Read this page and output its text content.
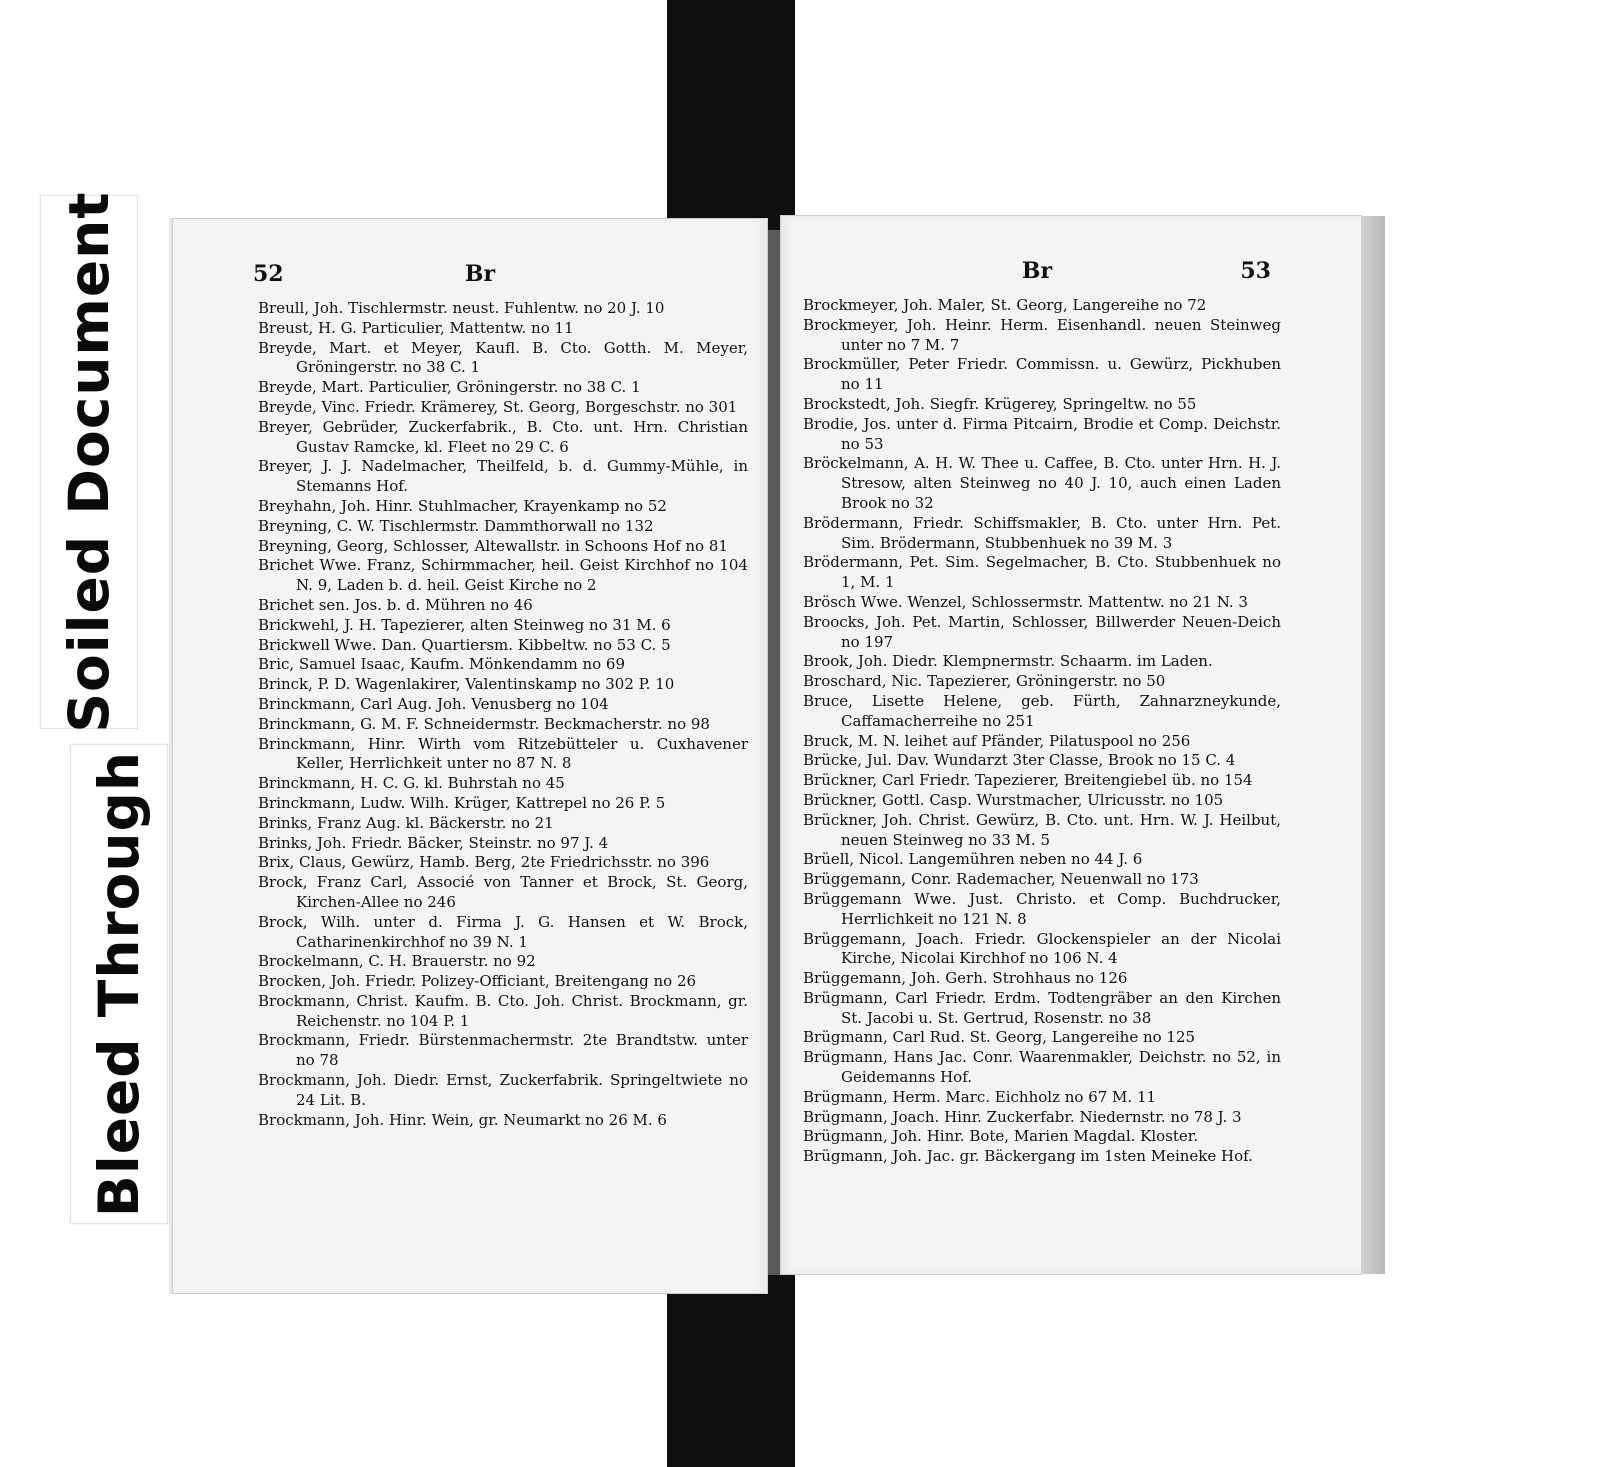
Soiled Document
Bleed Through
Br
52
Breull, Joh. Tischlermstr. neust. Fuhlentw. no 20 J. 10
Breust, H. G. Particulier, Mattentw. no 11
Breyde, Mart. et Meyer, Kaufl. B. Cto. Gotth. M. Meyer, Gröningerstr. no 38 C. 1
Breyde, Mart. Particulier, Gröningerstr. no 38 C. 1
Breyde, Vinc. Friedr. Krämerey, St. Georg, Borgeschstr. no 301
Breyer, Gebrüder, Zuckerfabrik., B. Cto. unt. Hrn. Christian Gustav Ramcke, kl. Fleet no 29 C. 6
Breyer, J. J. Nadelmacher, Theilfeld, b. d. Gummy-Mühle, in Stemanns Hof.
Breyhahn, Joh. Hinr. Stuhlmacher, Krayenkamp no 52
Breyning, C. W. Tischlermstr. Dammthorwall no 132
Breyning, Georg, Schlosser, Altewallstr. in Schoons Hof no 81
Brichet Wwe. Franz, Schirmmacher, heil. Geist Kirchhof no 104 N. 9, Laden b. d. heil. Geist Kirche no 2
Brichet sen. Jos. b. d. Mühren no 46
Brickwehl, J. H. Tapezierer, alten Steinweg no 31 M. 6
Brickwell Wwe. Dan. Quartiersm. Kibbeltw. no 53 C. 5
Bric, Samuel Isaac, Kaufm. Mönkendamm no 69
Brinck, P. D. Wagenlakirer, Valentinskamp no 302 P. 10
Brinckmann, Carl Aug. Joh. Venusberg no 104
Brinckmann, G. M. F. Schneidermstr. Beckmacherstr. no 98
Brinckmann, Hinr. Wirth vom Ritzebütteler u. Cuxhavener Keller, Herrlichkeit unter no 87 N. 8
Brinckmann, H. C. G. kl. Buhrstah no 45
Brinckmann, Ludw. Wilh. Krüger, Kattrepel no 26 P. 5
Brinks, Franz Aug. kl. Bäckerstr. no 21
Brinks, Joh. Friedr. Bäcker, Steinstr. no 97 J. 4
Brix, Claus, Gewürz, Hamb. Berg, 2te Friedrichsstr. no 396
Brock, Franz Carl, Associé von Tanner et Brock, St. Georg, Kirchen-Allee no 246
Brock, Wilh. unter d. Firma J. G. Hansen et W. Brock, Catharinenkirchhof no 39 N. 1
Brockelmann, C. H. Brauerstr. no 92
Brocken, Joh. Friedr. Polizey-Officiant, Breitengang no 26
Brockmann, Christ. Kaufm. B. Cto. Joh. Christ. Brockmann, gr. Reichenstr. no 104 P. 1
Brockmann, Friedr. Bürstenmachermstr. 2te Brandtstw. unter no 78
Brockmann, Joh. Diedr. Ernst, Zuckerfabrik. Springeltwiete no 24 Lit. B.
Brockmann, Joh. Hinr. Wein, gr. Neumarkt no 26 M. 6
Br	53
Brockmeyer, Joh. Maler, St. Georg, Langereihe no 72
Brockmeyer, Joh. Heinr. Herm. Eisenhandl. neuen Steinweg unter no 7 M. 7
Brockmüller, Peter Friedr. Commissn. u. Gewürz, Pickhuben no 11
Brockstedt, Joh. Siegfr. Krügerey, Springeltw. no 55
Brodie, Jos. unter d. Firma Pitcairn, Brodie et Comp. Deichstr. no 53
Bröckelmann, A. H. W. Thee u. Caffee, B. Cto. unter Hrn. H. J. Stresow, alten Steinweg no 40 J. 10, auch einen Laden Brook no 32
Brödermann, Friedr. Schiffsmakler, B. Cto. unter Hrn. Pet. Sim. Brödermann, Stubbenhuek no 39 M. 3
Brödermann, Pet. Sim. Segelmacher, B. Cto. Stubbenhuek no 1, M. 1
Brösch Wwe. Wenzel, Schlossermstr. Mattentw. no 21 N. 3
Broocks, Joh. Pet. Martin, Schlosser, Billwerder Neuen-Deich no 197
Brook, Joh. Diedr. Klempnermstr. Schaarm. im Laden.
Broschard, Nic. Tapezierer, Gröningerstr. no 50
Bruce, Lisette Helene, geb. Fürth, Zahnarzneykunde, Caffamacherreihe no 251
Bruck, M. N. leihet auf Pfänder, Pilatuspool no 256
Brücke, Jul. Dav. Wundarzt 3ter Classe, Brook no 15 C. 4
Brückner, Carl Friedr. Tapezierer, Breitengiebel üb. no 154
Brückner, Gottl. Casp. Wurstmacher, Ulricusstr. no 105
Brückner, Joh. Christ. Gewürz, B. Cto. unt. Hrn. W. J. Heilbut, neuen Steinweg no 33 M. 5
Brüell, Nicol. Langemühren neben no 44 J. 6
Brüggemann, Conr. Rademacher, Neuenwall no 173
Brüggemann Wwe. Just. Christo. et Comp. Buchdrucker, Herrlichkeit no 121 N. 8
Brüggemann, Joach. Friedr. Glockenspieler an der Nicolai Kirche, Nicolai Kirchhof no 106 N. 4
Brüggemann, Joh. Gerh. Strohhaus no 126
Brügmann, Carl Friedr. Erdm. Todtengräber an den Kirchen St. Jacobi u. St. Gertrud, Rosenstr. no 38
Brügmann, Carl Rud. St. Georg, Langereihe no 125
Brügmann, Hans Jac. Conr. Waarenmakler, Deichstr. no 52, in Geidemanns Hof.
Brügmann, Herm. Marc. Eichholz no 67 M. 11
Brügmann, Joach. Hinr. Zuckerfabr. Niedernstr. no 78 J. 3
Brügmann, Joh. Hinr. Bote, Marien Magdal. Kloster.
Brügmann, Joh. Jac. gr. Bäckergang im 1sten Meineke Hof.
